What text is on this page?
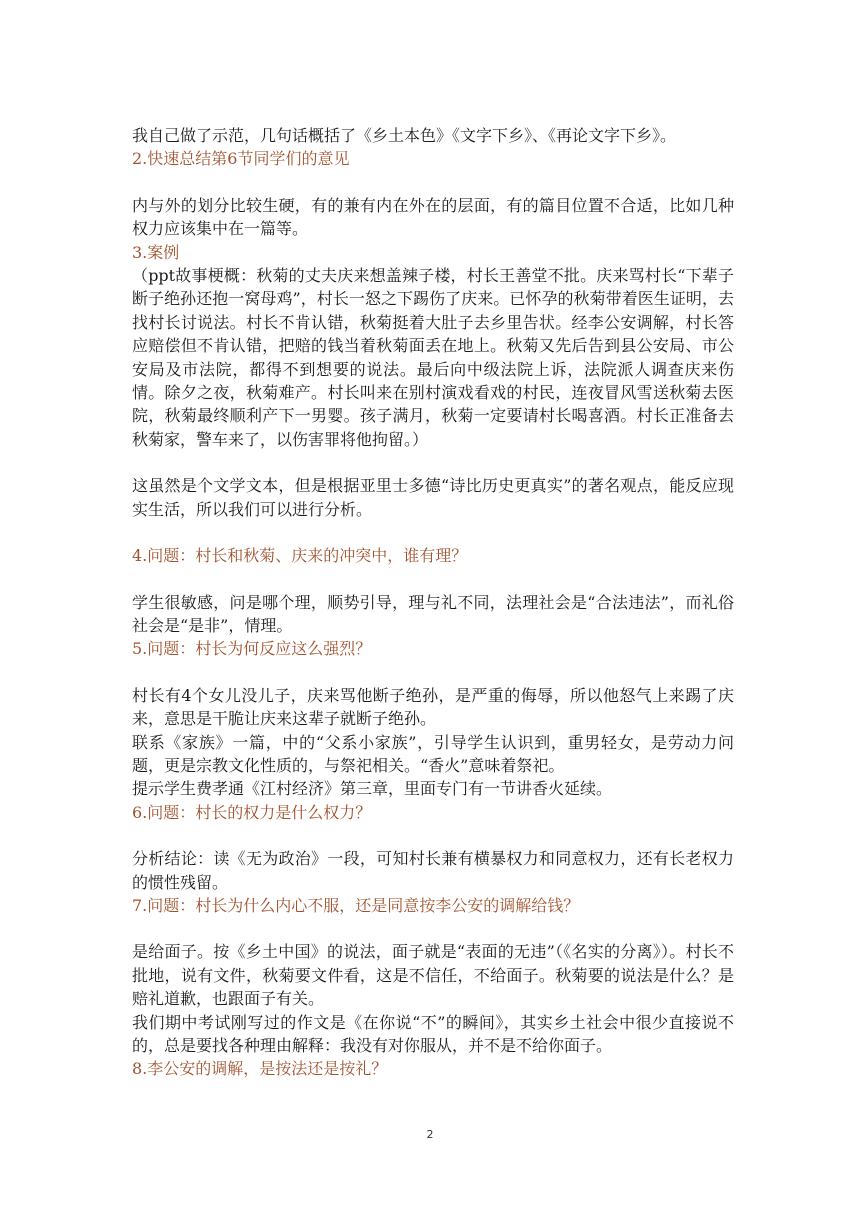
我自己做了示范，几句话概括了《乡土本色》《文字下乡》、《再论文字下乡》。

2.快速总结第6节同学们的意见

内与外的划分比较生硬，有的兼有内在外在的层面，有的篇目位置不合适，比如几种权力应该集中在一篇等。

3.案例

（ppt故事梗概：秋菊的丈夫庆来想盖辣子楼，村长王善堂不批。庆来骂村长“下辈子断子绝孙还抱一窝母鸡”，村长一怒之下踢伤了庆来。已怀孕的秋菊带着医生证明，去找村长讨说法。村长不肯认错，秋菊挺着大肚子去乡里告状。经李公安调解，村长答应赔偿但不肯认错，把赔的钱当着秋菊面丢在地上。秋菊又先后告到县公安局、市公安局及市法院，都得不到想要的说法。最后向中级法院上诉，法院派人调查庆来伤情。除夕之夜，秋菊难产。村长叫来在别村演戏看戏的村民，连夜冒风雪送秋菊去医院，秋菊最终顺利产下一男婴。孩子满月，秋菊一定要请村长喝喜酒。村长正准备去秋菊家，警车来了，以伤害罪将他拘留。）

这虽然是个文学文本，但是根据亚里士多德“诗比历史更真实”的著名观点，能反应现实生活，所以我们可以进行分析。

4.问题：村长和秋菊、庆来的冲突中，谁有理？

学生很敏感，问是哪个理，顺势引导，理与礼不同，法理社会是“合法违法”，而礼俗社会是“是非”，情理。

5.问题：村长为何反应这么强烈？

村长有4个女儿没儿子，庆来骂他断子绝孙，是严重的侮辱，所以他怒气上来踢了庆来，意思是干脆让庆来这辈子就断子绝孙。

联系《家族》一篇，中的“父系小家族”，引导学生认识到，重男轻女，是劳动力问题，更是宗教文化性质的，与祭祀相关。“香火”意味着祭祀。

提示学生费孝通《江村经济》第三章，里面专门有一节讲香火延续。

6.问题：村长的权力是什么权力？

分析结论：读《无为政治》一段，可知村长兼有横暴权力和同意权力，还有长老权力的惯性残留。

7.问题：村长为什么内心不服，还是同意按李公安的调解给钱？

是给面子。按《乡土中国》的说法，面子就是“表面的无违”（《名实的分离》）。村长不批地，说有文件，秋菊要文件看，这是不信任，不给面子。秋菊要的说法是什么？是赔礼道歉，也跟面子有关。

我们期中考试刚写过的作文是《在你说“不”的瞬间》，其实乡土社会中很少直接说不的，总是要找各种理由解释：我没有对你服从，并不是不给你面子。

8.李公安的调解，是按法还是按礼？

2
